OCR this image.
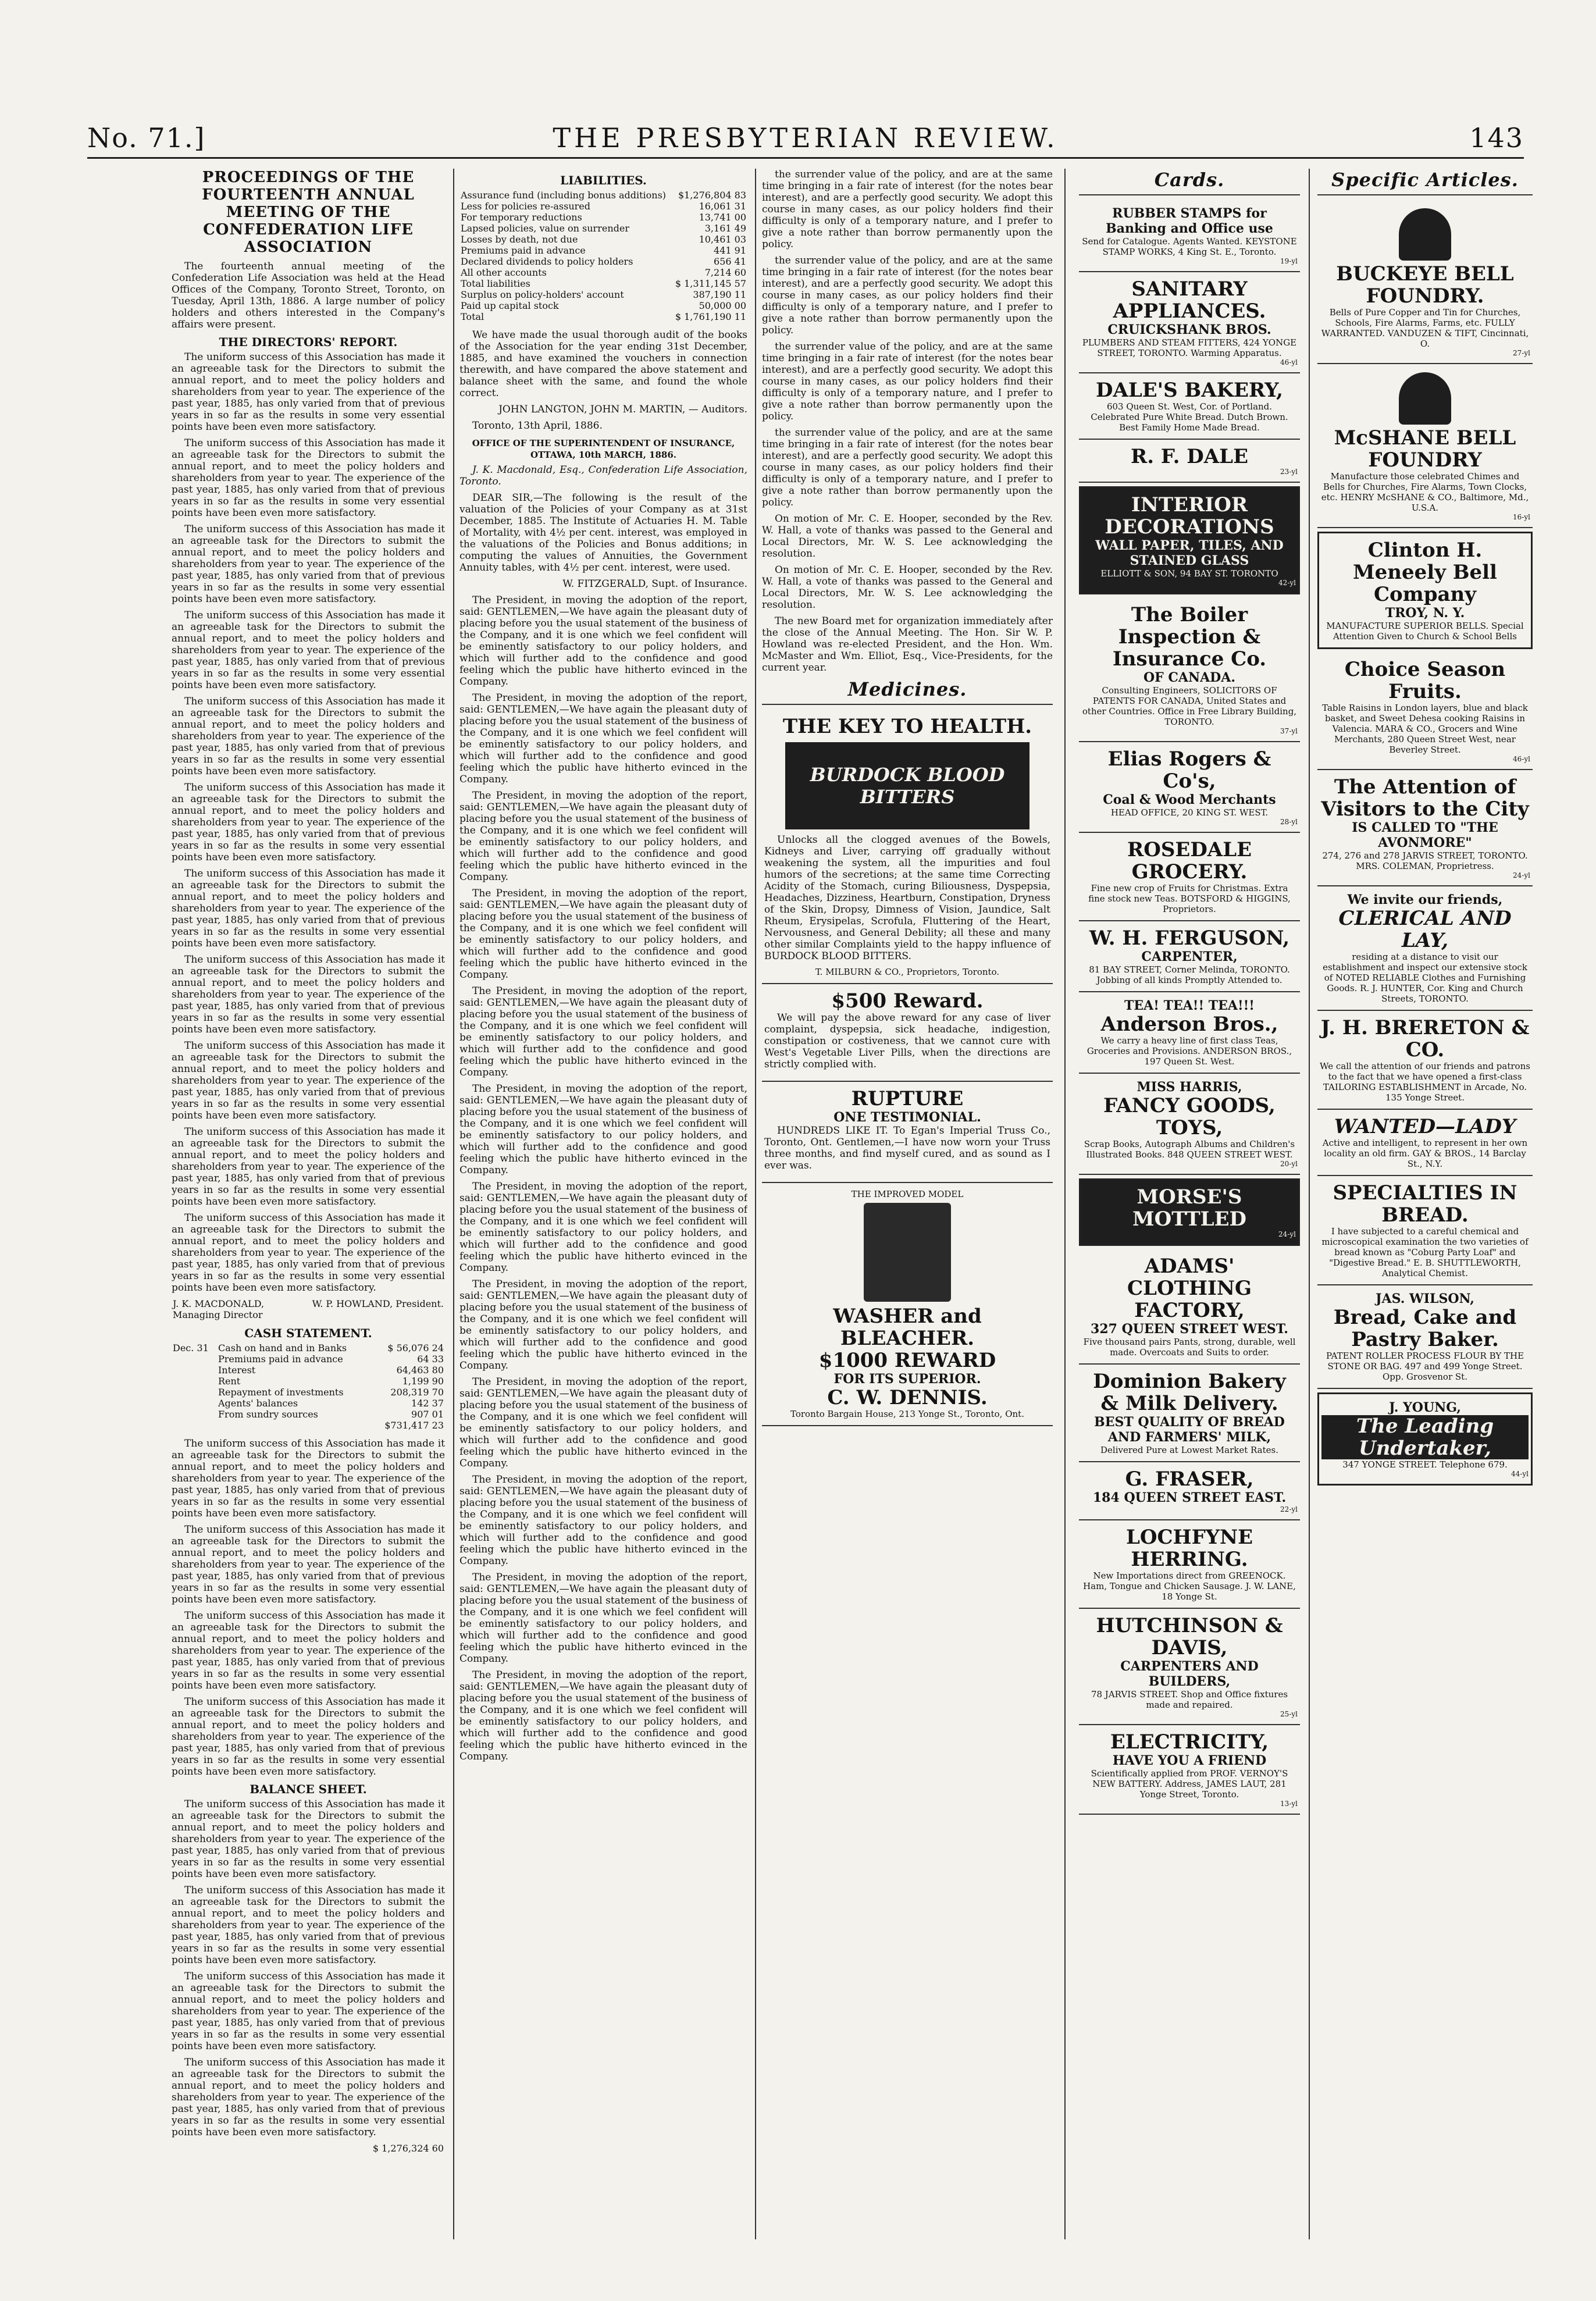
No. 71.]	THE PRESBYTERIAN REVIEW.	143
PROCEEDINGS OF THE FOURTEENTH ANNUAL MEETING OF THE CONFEDERATION LIFE ASSOCIATION

The fourteenth annual meeting of the Confederation Life Association was held at the Head Offices of the Company, Toronto Street, Toronto, on Tuesday, April 13th, 1886. A large number of policy holders and others interested in the Company's affairs were present.

THE DIRECTORS' REPORT.

The uniform success of this Association has made it an agreeable task for the Directors to submit the annual report, and to meet the policy holders and shareholders from year to year. The experience of the past year, 1885, has only varied from that of previous years in so far as the results in some very essential points have been even more satisfactory.

The uniform success of this Association has made it an agreeable task for the Directors to submit the annual report, and to meet the policy holders and shareholders from year to year. The experience of the past year, 1885, has only varied from that of previous years in so far as the results in some very essential points have been even more satisfactory.

The uniform success of this Association has made it an agreeable task for the Directors to submit the annual report, and to meet the policy holders and shareholders from year to year. The experience of the past year, 1885, has only varied from that of previous years in so far as the results in some very essential points have been even more satisfactory.

The uniform success of this Association has made it an agreeable task for the Directors to submit the annual report, and to meet the policy holders and shareholders from year to year. The experience of the past year, 1885, has only varied from that of previous years in so far as the results in some very essential points have been even more satisfactory.

The uniform success of this Association has made it an agreeable task for the Directors to submit the annual report, and to meet the policy holders and shareholders from year to year. The experience of the past year, 1885, has only varied from that of previous years in so far as the results in some very essential points have been even more satisfactory.

The uniform success of this Association has made it an agreeable task for the Directors to submit the annual report, and to meet the policy holders and shareholders from year to year. The experience of the past year, 1885, has only varied from that of previous years in so far as the results in some very essential points have been even more satisfactory.

The uniform success of this Association has made it an agreeable task for the Directors to submit the annual report, and to meet the policy holders and shareholders from year to year. The experience of the past year, 1885, has only varied from that of previous years in so far as the results in some very essential points have been even more satisfactory.

The uniform success of this Association has made it an agreeable task for the Directors to submit the annual report, and to meet the policy holders and shareholders from year to year. The experience of the past year, 1885, has only varied from that of previous years in so far as the results in some very essential points have been even more satisfactory.

The uniform success of this Association has made it an agreeable task for the Directors to submit the annual report, and to meet the policy holders and shareholders from year to year. The experience of the past year, 1885, has only varied from that of previous years in so far as the results in some very essential points have been even more satisfactory.

The uniform success of this Association has made it an agreeable task for the Directors to submit the annual report, and to meet the policy holders and shareholders from year to year. The experience of the past year, 1885, has only varied from that of previous years in so far as the results in some very essential points have been even more satisfactory.

The uniform success of this Association has made it an agreeable task for the Directors to submit the annual report, and to meet the policy holders and shareholders from year to year. The experience of the past year, 1885, has only varied from that of previous years in so far as the results in some very essential points have been even more satisfactory.

J. K. MACDONALD, Managing Director	W. P. HOWLAND, President.

CASH STATEMENT.

Dec. 31	Cash on hand and in Banks	$ 56,076 24
	Premiums paid in advance	64 33
	Interest	64,463 80
	Rent	1,199 90
	Repayment of investments	208,319 70
	Agents' balances	142 37
	From sundry sources	907 01
		$731,417 23

The uniform success of this Association has made it an agreeable task for the Directors to submit the annual report, and to meet the policy holders and shareholders from year to year. The experience of the past year, 1885, has only varied from that of previous years in so far as the results in some very essential points have been even more satisfactory.

The uniform success of this Association has made it an agreeable task for the Directors to submit the annual report, and to meet the policy holders and shareholders from year to year. The experience of the past year, 1885, has only varied from that of previous years in so far as the results in some very essential points have been even more satisfactory.

The uniform success of this Association has made it an agreeable task for the Directors to submit the annual report, and to meet the policy holders and shareholders from year to year. The experience of the past year, 1885, has only varied from that of previous years in so far as the results in some very essential points have been even more satisfactory.

The uniform success of this Association has made it an agreeable task for the Directors to submit the annual report, and to meet the policy holders and shareholders from year to year. The experience of the past year, 1885, has only varied from that of previous years in so far as the results in some very essential points have been even more satisfactory.

BALANCE SHEET.

The uniform success of this Association has made it an agreeable task for the Directors to submit the annual report, and to meet the policy holders and shareholders from year to year. The experience of the past year, 1885, has only varied from that of previous years in so far as the results in some very essential points have been even more satisfactory.

The uniform success of this Association has made it an agreeable task for the Directors to submit the annual report, and to meet the policy holders and shareholders from year to year. The experience of the past year, 1885, has only varied from that of previous years in so far as the results in some very essential points have been even more satisfactory.

The uniform success of this Association has made it an agreeable task for the Directors to submit the annual report, and to meet the policy holders and shareholders from year to year. The experience of the past year, 1885, has only varied from that of previous years in so far as the results in some very essential points have been even more satisfactory.

The uniform success of this Association has made it an agreeable task for the Directors to submit the annual report, and to meet the policy holders and shareholders from year to year. The experience of the past year, 1885, has only varied from that of previous years in so far as the results in some very essential points have been even more satisfactory.

	$ 1,276,324 60

LIABILITIES.

Assurance fund (including bonus additions)	$1,276,804 83
Less for policies re-assured	16,061 31
For temporary reductions	13,741 00
Lapsed policies, value on surrender	3,161 49
Losses by death, not due	10,461 03
Premiums paid in advance	441 91
Declared dividends to policy holders	656 41
All other accounts	7,214 60
Total liabilities	$ 1,311,145 57
Surplus on policy-holders' account	387,190 11
Paid up capital stock	50,000 00
Total	$ 1,761,190 11

We have made the usual thorough audit of the books of the Association for the year ending 31st December, 1885, and have examined the vouchers in connection therewith, and have compared the above statement and balance sheet with the same, and found the whole correct.

JOHN LANGTON, JOHN M. MARTIN, — Auditors.

Toronto, 13th April, 1886.

OFFICE OF THE SUPERINTENDENT OF INSURANCE, OTTAWA, 10th MARCH, 1886.

J. K. Macdonald, Esq., Confederation Life Association, Toronto.

DEAR SIR,—The following is the result of the valuation of the Policies of your Company as at 31st December, 1885. The Institute of Actuaries H. M. Table of Mortality, with 4½ per cent. interest, was employed in the valuations of the Policies and Bonus additions; in computing the values of Annuities, the Government Annuity tables, with 4½ per cent. interest, were used.

W. FITZGERALD, Supt. of Insurance.

The President, in moving the adoption of the report, said: GENTLEMEN,—We have again the pleasant duty of placing before you the usual statement of the business of the Company, and it is one which we feel confident will be eminently satisfactory to our policy holders, and which will further add to the confidence and good feeling which the public have hitherto evinced in the Company.

The President, in moving the adoption of the report, said: GENTLEMEN,—We have again the pleasant duty of placing before you the usual statement of the business of the Company, and it is one which we feel confident will be eminently satisfactory to our policy holders, and which will further add to the confidence and good feeling which the public have hitherto evinced in the Company.

The President, in moving the adoption of the report, said: GENTLEMEN,—We have again the pleasant duty of placing before you the usual statement of the business of the Company, and it is one which we feel confident will be eminently satisfactory to our policy holders, and which will further add to the confidence and good feeling which the public have hitherto evinced in the Company.

The President, in moving the adoption of the report, said: GENTLEMEN,—We have again the pleasant duty of placing before you the usual statement of the business of the Company, and it is one which we feel confident will be eminently satisfactory to our policy holders, and which will further add to the confidence and good feeling which the public have hitherto evinced in the Company.

The President, in moving the adoption of the report, said: GENTLEMEN,—We have again the pleasant duty of placing before you the usual statement of the business of the Company, and it is one which we feel confident will be eminently satisfactory to our policy holders, and which will further add to the confidence and good feeling which the public have hitherto evinced in the Company.

The President, in moving the adoption of the report, said: GENTLEMEN,—We have again the pleasant duty of placing before you the usual statement of the business of the Company, and it is one which we feel confident will be eminently satisfactory to our policy holders, and which will further add to the confidence and good feeling which the public have hitherto evinced in the Company.

The President, in moving the adoption of the report, said: GENTLEMEN,—We have again the pleasant duty of placing before you the usual statement of the business of the Company, and it is one which we feel confident will be eminently satisfactory to our policy holders, and which will further add to the confidence and good feeling which the public have hitherto evinced in the Company.

The President, in moving the adoption of the report, said: GENTLEMEN,—We have again the pleasant duty of placing before you the usual statement of the business of the Company, and it is one which we feel confident will be eminently satisfactory to our policy holders, and which will further add to the confidence and good feeling which the public have hitherto evinced in the Company.

The President, in moving the adoption of the report, said: GENTLEMEN,—We have again the pleasant duty of placing before you the usual statement of the business of the Company, and it is one which we feel confident will be eminently satisfactory to our policy holders, and which will further add to the confidence and good feeling which the public have hitherto evinced in the Company.

The President, in moving the adoption of the report, said: GENTLEMEN,—We have again the pleasant duty of placing before you the usual statement of the business of the Company, and it is one which we feel confident will be eminently satisfactory to our policy holders, and which will further add to the confidence and good feeling which the public have hitherto evinced in the Company.

The President, in moving the adoption of the report, said: GENTLEMEN,—We have again the pleasant duty of placing before you the usual statement of the business of the Company, and it is one which we feel confident will be eminently satisfactory to our policy holders, and which will further add to the confidence and good feeling which the public have hitherto evinced in the Company.

The President, in moving the adoption of the report, said: GENTLEMEN,—We have again the pleasant duty of placing before you the usual statement of the business of the Company, and it is one which we feel confident will be eminently satisfactory to our policy holders, and which will further add to the confidence and good feeling which the public have hitherto evinced in the Company.

the surrender value of the policy, and are at the same time bringing in a fair rate of interest (for the notes bear interest), and are a perfectly good security. We adopt this course in many cases, as our policy holders find their difficulty is only of a temporary nature, and I prefer to give a note rather than borrow permanently upon the policy.

the surrender value of the policy, and are at the same time bringing in a fair rate of interest (for the notes bear interest), and are a perfectly good security. We adopt this course in many cases, as our policy holders find their difficulty is only of a temporary nature, and I prefer to give a note rather than borrow permanently upon the policy.

the surrender value of the policy, and are at the same time bringing in a fair rate of interest (for the notes bear interest), and are a perfectly good security. We adopt this course in many cases, as our policy holders find their difficulty is only of a temporary nature, and I prefer to give a note rather than borrow permanently upon the policy.

the surrender value of the policy, and are at the same time bringing in a fair rate of interest (for the notes bear interest), and are a perfectly good security. We adopt this course in many cases, as our policy holders find their difficulty is only of a temporary nature, and I prefer to give a note rather than borrow permanently upon the policy.

On motion of Mr. C. E. Hooper, seconded by the Rev. W. Hall, a vote of thanks was passed to the General and Local Directors, Mr. W. S. Lee acknowledging the resolution.

On motion of Mr. C. E. Hooper, seconded by the Rev. W. Hall, a vote of thanks was passed to the General and Local Directors, Mr. W. S. Lee acknowledging the resolution.

The new Board met for organization immediately after the close of the Annual Meeting. The Hon. Sir W. P. Howland was re-elected President, and the Hon. Wm. McMaster and Wm. Elliot, Esq., Vice-Presidents, for the current year.

Medicines.
THE KEY TO HEALTH.
BURDOCK BLOOD BITTERS

Unlocks all the clogged avenues of the Bowels, Kidneys and Liver, carrying off gradually without weakening the system, all the impurities and foul humors of the secretions; at the same time Correcting Acidity of the Stomach, curing Biliousness, Dyspepsia, Headaches, Dizziness, Heartburn, Constipation, Dryness of the Skin, Dropsy, Dimness of Vision, Jaundice, Salt Rheum, Erysipelas, Scrofula, Fluttering of the Heart, Nervousness, and General Debility; all these and many other similar Complaints yield to the happy influence of BURDOCK BLOOD BITTERS.

T. MILBURN & CO., Proprietors, Toronto.
$500 Reward.

We will pay the above reward for any case of liver complaint, dyspepsia, sick headache, indigestion, constipation or costiveness, that we cannot cure with West's Vegetable Liver Pills, when the directions are strictly complied with.

RUPTURE
ONE TESTIMONIAL.

HUNDREDS LIKE IT. To Egan's Imperial Truss Co., Toronto, Ont. Gentlemen,—I have now worn your Truss three months, and find myself cured, and as sound as I ever was.

THE IMPROVED MODEL
WASHER and BLEACHER.
$1000 REWARD
FOR ITS SUPERIOR.
C. W. DENNIS.
Toronto Bargain House, 213 Yonge St., Toronto, Ont.
Cards.
RUBBER STAMPS for Banking and Office use
Send for Catalogue. Agents Wanted. KEYSTONE STAMP WORKS, 4 King St. E., Toronto.
19-yl
SANITARY APPLIANCES.
CRUICKSHANK BROS.
PLUMBERS AND STEAM FITTERS, 424 YONGE STREET, TORONTO. Warming Apparatus.
46-yl
DALE'S BAKERY,
603 Queen St. West, Cor. of Portland. Celebrated Pure White Bread. Dutch Brown. Best Family Home Made Bread.
R. F. DALE
23-yl
INTERIOR DECORATIONS
WALL PAPER, TILES, AND STAINED GLASS
ELLIOTT & SON, 94 BAY ST. TORONTO
42-yl
The Boiler Inspection & Insurance Co.
OF CANADA.
Consulting Engineers, SOLICITORS OF PATENTS FOR CANADA, United States and other Countries. Office in Free Library Building, TORONTO.
37-yl
Elias Rogers & Co's,
Coal & Wood Merchants
HEAD OFFICE, 20 KING ST. WEST.
28-yl
ROSEDALE GROCERY.
Fine new crop of Fruits for Christmas. Extra fine stock new Teas. BOTSFORD & HIGGINS, Proprietors.
W. H. FERGUSON,
CARPENTER,
81 BAY STREET, Corner Melinda, TORONTO. Jobbing of all kinds Promptly Attended to.
TEA! TEA!! TEA!!!
Anderson Bros.,
We carry a heavy line of first class Teas, Groceries and Provisions. ANDERSON BROS., 197 Queen St. West.
MISS HARRIS,
FANCY GOODS, TOYS,
Scrap Books, Autograph Albums and Children's Illustrated Books. 848 QUEEN STREET WEST.
20-yl
MORSE'S MOTTLED
24-yl
ADAMS' CLOTHING FACTORY,
327 QUEEN STREET WEST.
Five thousand pairs Pants, strong, durable, well made. Overcoats and Suits to order.
Dominion Bakery & Milk Delivery.
BEST QUALITY OF BREAD AND FARMERS' MILK,
Delivered Pure at Lowest Market Rates.
G. FRASER,
184 QUEEN STREET EAST.
22-yl
LOCHFYNE HERRING.
New Importations direct from GREENOCK. Ham, Tongue and Chicken Sausage. J. W. LANE, 18 Yonge St.
HUTCHINSON & DAVIS,
CARPENTERS AND BUILDERS,
78 JARVIS STREET. Shop and Office fixtures made and repaired.
25-yl
ELECTRICITY,
HAVE YOU A FRIEND
Scientifically applied from PROF. VERNOY'S NEW BATTERY. Address, JAMES LAUT, 281 Yonge Street, Toronto.
13-yl
Specific Articles.
BUCKEYE BELL FOUNDRY.
Bells of Pure Copper and Tin for Churches, Schools, Fire Alarms, Farms, etc. FULLY WARRANTED. VANDUZEN & TIFT, Cincinnati, O.
27-yl
McSHANE BELL FOUNDRY
Manufacture those celebrated Chimes and Bells for Churches, Fire Alarms, Town Clocks, etc. HENRY McSHANE & CO., Baltimore, Md., U.S.A.
16-yl
Clinton H. Meneely Bell Company
TROY, N. Y.
MANUFACTURE SUPERIOR BELLS. Special Attention Given to Church & School Bells
Choice Season Fruits.
Table Raisins in London layers, blue and black basket, and Sweet Dehesa cooking Raisins in Valencia. MARA & CO., Grocers and Wine Merchants, 280 Queen Street West, near Beverley Street.
46-yl
The Attention of Visitors to the City
IS CALLED TO "THE AVONMORE"
274, 276 and 278 JARVIS STREET, TORONTO. MRS. COLEMAN, Proprietress.
24-yl
We invite our friends,
CLERICAL AND LAY,
residing at a distance to visit our establishment and inspect our extensive stock of NOTED RELIABLE Clothes and Furnishing Goods. R. J. HUNTER, Cor. King and Church Streets, TORONTO.
J. H. BRERETON & CO.
We call the attention of our friends and patrons to the fact that we have opened a first-class TAILORING ESTABLISHMENT in Arcade, No. 135 Yonge Street.
WANTED—LADY
Active and intelligent, to represent in her own locality an old firm. GAY & BROS., 14 Barclay St., N.Y.
SPECIALTIES IN BREAD.
I have subjected to a careful chemical and microscopical examination the two varieties of bread known as "Coburg Party Loaf" and "Digestive Bread." E. B. SHUTTLEWORTH, Analytical Chemist.
JAS. WILSON,
Bread, Cake and Pastry Baker.
PATENT ROLLER PROCESS FLOUR BY THE STONE OR BAG. 497 and 499 Yonge Street. Opp. Grosvenor St.
J. YOUNG,
The Leading Undertaker,
347 YONGE STREET. Telephone 679.
44-yl
